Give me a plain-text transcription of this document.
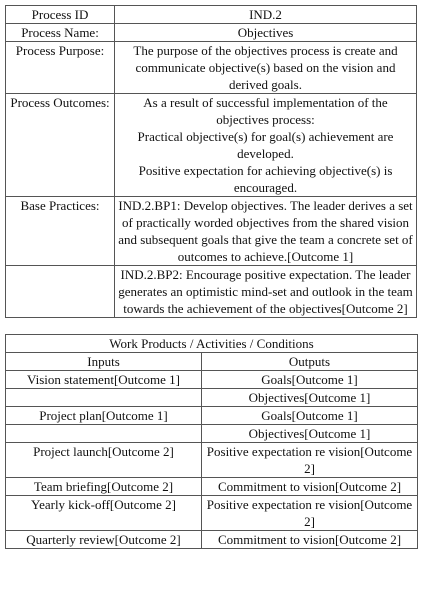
Process ID	IND.2
Process Name:	Objectives
Process Purpose:	The purpose of the objectives process is create and communicate objective(s) based on the vision and derived goals.
Process Outcomes:	As a result of successful implementation of the objectives process:
Practical objective(s) for goal(s) achievement are developed.
Positive expectation for achieving objective(s) is encouraged.

Base Practices:	IND.2.BP1: Develop objectives. The leader derives a set of practically worded objectives from the shared vision and subsequent goals that give the team a concrete set of outcomes to achieve.[Outcome 1]
	IND.2.BP2: Encourage positive expectation. The leader generates an optimistic mind-set and outlook in the team towards the achievement of the objectives[Outcome 2]
Work Products / Activities / Conditions	
Inputs	Outputs
Vision statement[Outcome 1]	Goals[Outcome 1]
	Objectives[Outcome 1]
Project plan[Outcome 1]	Goals[Outcome 1]
	Objectives[Outcome 1]
Project launch[Outcome 2]	Positive expectation re vision[Outcome 2]
Team briefing[Outcome 2]	Commitment to vision[Outcome 2]
Yearly kick-off[Outcome 2]	Positive expectation re vision[Outcome 2]
Quarterly review[Outcome 2]	Commitment to vision[Outcome 2]
